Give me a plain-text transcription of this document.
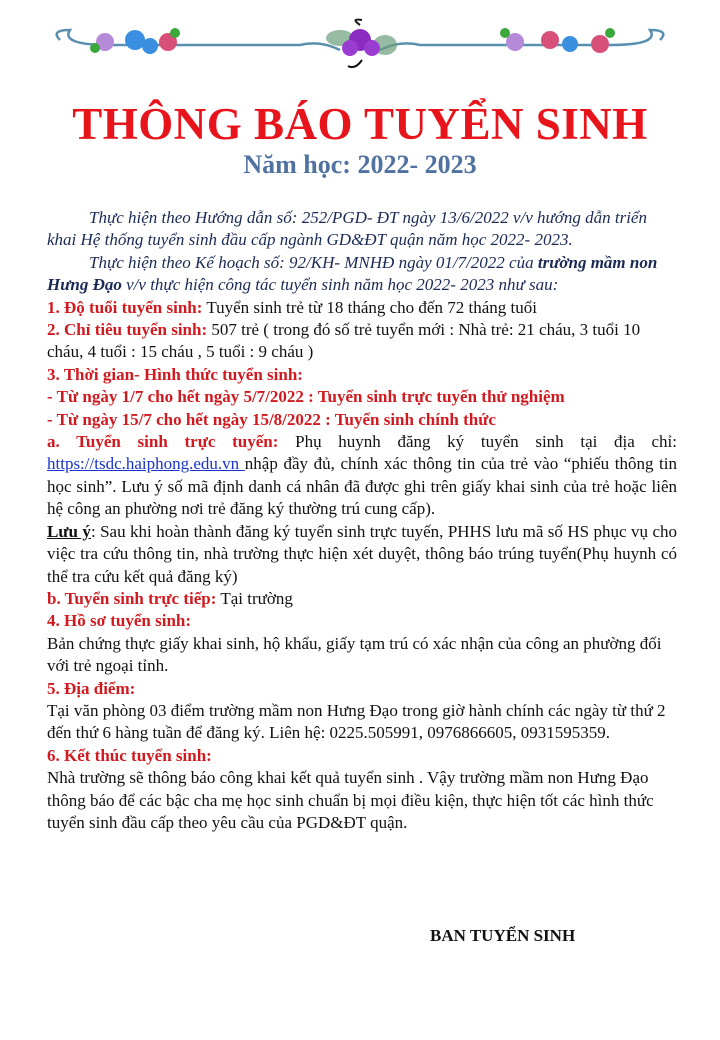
THÔNG BÁO TUYỂN SINH
Năm học: 2022- 2023

Thực hiện theo Hướng dẫn số: 252/PGD- ĐT ngày 13/6/2022 v/v hướng dẫn triển khai Hệ thống tuyển sinh đầu cấp ngành GD&ĐT quận năm học 2022- 2023.

Thực hiện theo Kế hoạch số: 92/KH- MNHĐ ngày 01/7/2022 của trường mầm non Hưng Đạo v/v thực hiện công tác tuyển sinh năm học 2022- 2023 như sau:

1. Độ tuổi tuyển sinh: Tuyển sinh trẻ từ 18 tháng cho đến 72 tháng tuổi

2. Chỉ tiêu tuyển sinh: 507 trẻ ( trong đó số trẻ tuyển mới : Nhà trẻ: 21 cháu, 3 tuổi 10 cháu, 4 tuổi : 15 cháu , 5 tuổi : 9 cháu )

3. Thời gian- Hình thức tuyển sinh:

- Từ ngày 1/7 cho hết ngày 5/7/2022 : Tuyển sinh trực tuyến thử nghiệm

- Từ ngày 15/7 cho hết ngày 15/8/2022 : Tuyển sinh chính thức

a. Tuyển sinh trực tuyến: Phụ huynh đăng ký tuyển sinh tại địa chỉ: https://tsdc.haiphong.edu.vn nhập đầy đủ, chính xác thông tin của trẻ vào “phiếu thông tin học sinh”. Lưu ý số mã định danh cá nhân đã được ghi trên giấy khai sinh của trẻ hoặc liên hệ công an phường nơi trẻ đăng ký thường trú cung cấp).

Lưu ý: Sau khi hoàn thành đăng ký tuyển sinh trực tuyến, PHHS lưu mã số HS phục vụ cho việc tra cứu thông tin, nhà trường thực hiện xét duyệt, thông báo trúng tuyển(Phụ huynh có thể tra cứu kết quả đăng ký)

b. Tuyển sinh trực tiếp: Tại trường

4. Hồ sơ tuyển sinh:

Bản chứng thực giấy khai sinh, hộ khẩu, giấy tạm trú có xác nhận của công an phường đối với trẻ ngoại tỉnh.

5. Địa điểm:

Tại văn phòng 03 điểm trường mầm non Hưng Đạo trong giờ hành chính các ngày từ thứ 2 đến thứ 6 hàng tuần để đăng ký. Liên hệ: 0225.505991, 0976866605, 0931595359.

6. Kết thúc tuyển sinh:

Nhà trường sẽ thông báo công khai kết quả tuyển sinh . Vậy trường mầm non Hưng Đạo thông báo để các bậc cha mẹ học sinh chuẩn bị mọi điều kiện, thực hiện tốt các hình thức tuyển sinh đầu cấp theo yêu cầu của PGD&ĐT quận.

BAN TUYỂN SINH
